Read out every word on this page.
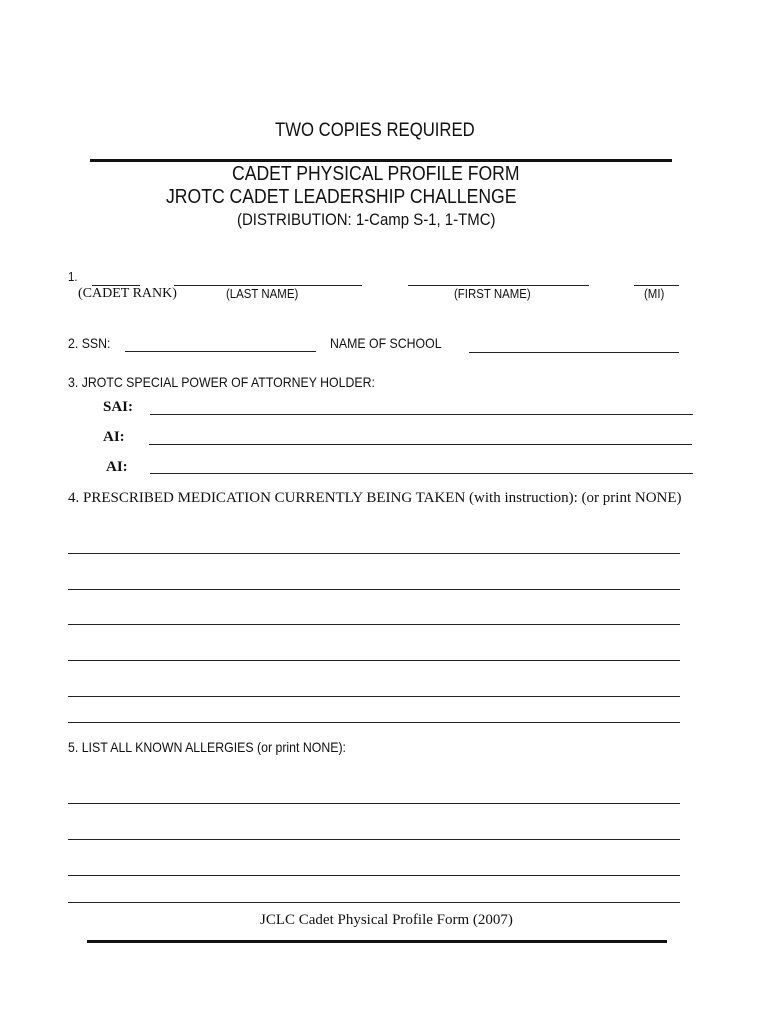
TWO COPIES REQUIRED
CADET PHYSICAL PROFILE FORM
JROTC CADET LEADERSHIP CHALLENGE
(DISTRIBUTION: 1-Camp S-1, 1-TMC)
1.
(CADET RANK)	(LAST NAME)	(FIRST NAME)	(MI)
2. SSN:	NAME OF SCHOOL
3. JROTC SPECIAL POWER OF ATTORNEY HOLDER:
SAI:
AI:
AI:
4. PRESCRIBED MEDICATION CURRENTLY BEING TAKEN (with instruction): (or print NONE)
5. LIST ALL KNOWN ALLERGIES (or print NONE):
JCLC Cadet Physical Profile Form (2007)
